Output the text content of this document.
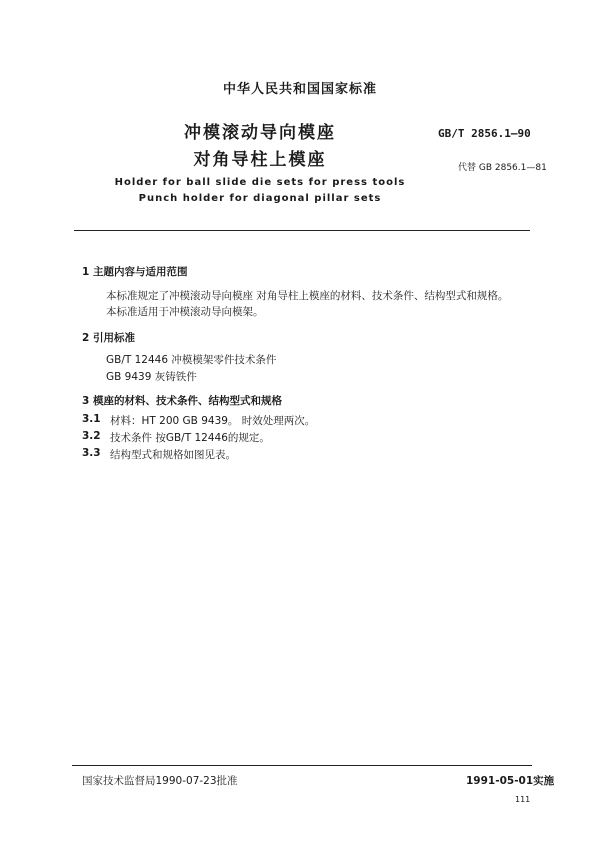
中华人民共和国国家标准
冲模滚动导向模座
对角导柱上模座
GB/T 2856.1—90
代替 GB 2856.1—81
Holder for ball slide die sets for press tools
Punch holder for diagonal pillar sets
1 主题内容与适用范围
本标准规定了冲模滚动导向模座 对角导柱上模座的材料、技术条件、结构型式和规格。
本标准适用于冲模滚动导向模架。
2 引用标准
GB/T 12446 冲模模架零件技术条件
GB 9439 灰铸铁件
3 模座的材料、技术条件、结构型式和规格
3.1 材料：HT 200 GB 9439。 时效处理两次。
3.2 技术条件 按GB/T 12446的规定。
3.3 结构型式和规格如图见表。
国家技术监督局1990-07-23批准	1991-05-01实施
111
